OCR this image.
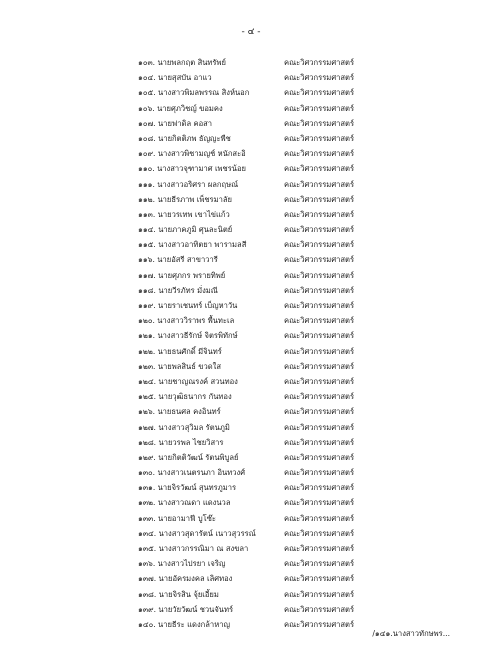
- ๔ -
๑๐๓. นายพลกฤต สินทรัพย์	คณะวิศวกรรมศาสตร์
๑๐๔. นายสุสบัน อาแว	คณะวิศวกรรมศาสตร์
๑๐๕. นางสาวพิมลพรรณ สิงห์นอก	คณะวิศวกรรมศาสตร์
๑๐๖. นายศุภวิชญ์ ขอมคง	คณะวิศวกรรมศาสตร์
๑๐๗. นายฟาดิล คอสา	คณะวิศวกรรมศาสตร์
๑๐๘. นายกิตติภพ ธัญญะพืช	คณะวิศวกรรมศาสตร์
๑๐๙. นางสาวพิชามญช์ หนักสะอิ	คณะวิศวกรรมศาสตร์
๑๑๐. นางสาวจุฑามาศ เพชรน้อย	คณะวิศวกรรมศาสตร์
๑๑๑. นางสาวอริศรา ผลกฤษณ์	คณะวิศวกรรมศาสตร์
๑๑๒. นายธีรภาพ เพ็ชรมาลัย	คณะวิศวกรรมศาสตร์
๑๑๓. นายวรเทพ เขาไข่แก้ว	คณะวิศวกรรมศาสตร์
๑๑๔. นายภาคภูมิ ศุนละนิตย์	คณะวิศวกรรมศาสตร์
๑๑๕. นางสาวอาทิตยา พารามลสี	คณะวิศวกรรมศาสตร์
๑๑๖. นายอัสรี สาขาวารี	คณะวิศวกรรมศาสตร์
๑๑๗. นายศุภกร พรายทิพย์	คณะวิศวกรรมศาสตร์
๑๑๘. นายวีรภัทร มั่งมณี	คณะวิศวกรรมศาสตร์
๑๑๙. นายราเชนทร์ เบ็ญหาวัน	คณะวิศวกรรมศาสตร์
๑๒๐. นางสาววิราพร พื้นทะเล	คณะวิศวกรรมศาสตร์
๑๒๑. นางสาวธีรักษ์ จิตรพิทักษ์	คณะวิศวกรรมศาสตร์
๑๒๒. นายธนศักดิ์ มีจินทร์	คณะวิศวกรรมศาสตร์
๑๒๓. นายพลสินธ์ ขวดใส	คณะวิศวกรรมศาสตร์
๑๒๔. นายชาญณรงค์ สวนทอง	คณะวิศวกรรมศาสตร์
๑๒๕. นายวุฒิธนากร กันทอง	คณะวิศวกรรมศาสตร์
๑๒๖. นายธนศล คงอินทร์	คณะวิศวกรรมศาสตร์
๑๒๗. นางสาวสุวิมล รัตนภูมิ	คณะวิศวกรรมศาสตร์
๑๒๘. นายวรพล ไชยวิสาร	คณะวิศวกรรมศาสตร์
๑๒๙. นายกิตติวัฒน์ รัตนพิบูลย์	คณะวิศวกรรมศาสตร์
๑๓๐. นางสาวเนตรนภา อินทวงศ์	คณะวิศวกรรมศาสตร์
๑๓๑. นายจิรวัฒน์ สุนทรภูมาร	คณะวิศวกรรมศาสตร์
๑๓๒. นางสาวณดา แดงนวล	คณะวิศวกรรมศาสตร์
๑๓๓. นายอามาฟี บูโซ๊ะ	คณะวิศวกรรมศาสตร์
๑๓๔. นางสาวสุดารัตน์ เนาวสุวรรณ์	คณะวิศวกรรมศาสตร์
๑๓๕. นางสาวกรรณิมา ณ สงขลา	คณะวิศวกรรมศาสตร์
๑๓๖. นางสาวไปรยา เจริญ	คณะวิศวกรรมศาสตร์
๑๓๗. นายอัครมงคล เลิศทอง	คณะวิศวกรรมศาสตร์
๑๓๘. นายจิรสิน จุ้ยเอี้ยม	คณะวิศวกรรมศาสตร์
๑๓๙. นายวัยวัฒน์ ชวนจันทร์	คณะวิศวกรรมศาสตร์
๑๔๐. นายธีระ แดงกล้าหาญ	คณะวิศวกรรมศาสตร์
/๑๔๑.นางสาวทักษพร...
